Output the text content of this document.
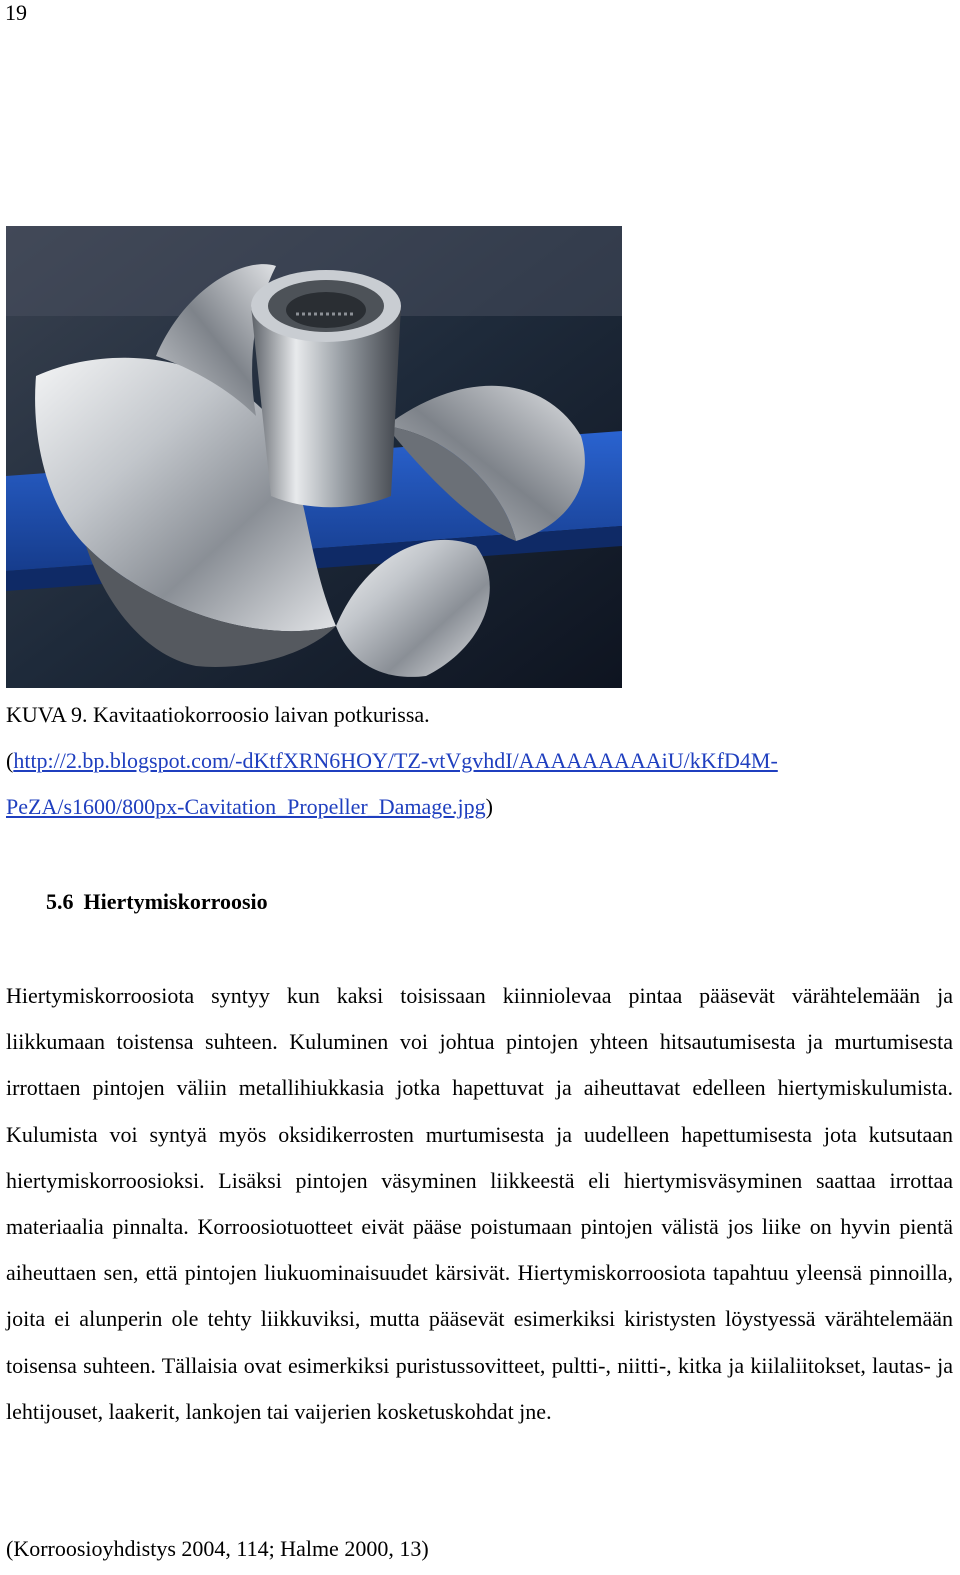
19
KUVA 9. Kavitaatiokorroosio laivan potkurissa.
(http://2.bp.blogspot.com/-dKtfXRN6HOY/TZ-vtVgvhdI/AAAAAAAAAiU/kKfD4M-
PeZA/s1600/800px-Cavitation_Propeller_Damage.jpg)
5.6 Hiertymiskorroosio

Hiertymiskorroosiota syntyy kun kaksi toisissaan kiinniolevaa pintaa pääsevät värähtelemään ja liikkumaan toistensa suhteen. Kuluminen voi johtua pintojen yhteen hitsautumisesta ja murtumisesta irrottaen pintojen väliin metallihiukkasia jotka hapettuvat ja aiheuttavat edelleen hiertymiskulumista. Kulumista voi syntyä myös oksidikerrosten murtumisesta ja uudelleen hapettumisesta jota kutsutaan hiertymiskorroosioksi. Lisäksi pintojen väsyminen liikkeestä eli hiertymisväsyminen saattaa irrottaa materiaalia pinnalta. Korroosiotuotteet eivät pääse poistumaan pintojen välistä jos liike on hyvin pientä aiheuttaen sen, että pintojen liukuominaisuudet kärsivät. Hiertymiskorroosiota tapahtuu yleensä pinnoilla, joita ei alunperin ole tehty liikkuviksi, mutta pääsevät esimerkiksi kiristysten löystyessä värähtelemään toisensa suhteen. Tällaisia ovat esimerkiksi puristussovitteet, pultti-, niitti-, kitka ja kiilaliitokset, lautas- ja lehtijouset, laakerit, lankojen tai vaijerien kosketuskohdat jne.

(Korroosioyhdistys 2004, 114; Halme 2000, 13)
